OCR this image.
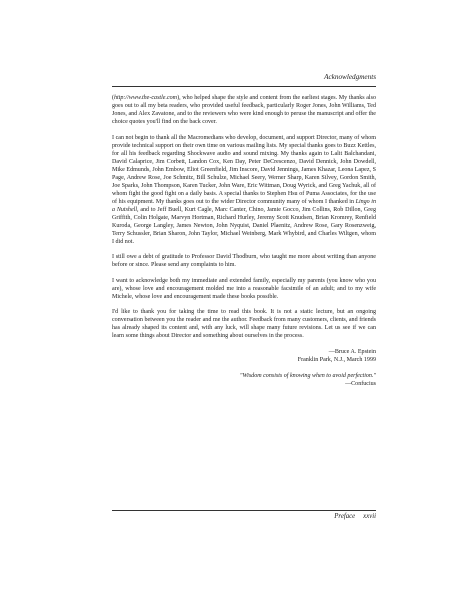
Acknowledgments

(http://www.the-castle.com), who helped shape the style and content from the earliest stages. My thanks also goes out to all my beta readers, who provided useful feedback, particularly Roger Jones, John Williams, Ted Jones, and Alex Zavatone, and to the reviewers who were kind enough to peruse the manuscript and offer the choice quotes you'll find on the back cover.

I can not begin to thank all the Macromedians who develop, document, and support Director, many of whom provide technical support on their own time on various mailing lists. My special thanks goes to Buzz Kettles, for all his feedback regarding Shockwave audio and sound mixing. My thanks again to Lalit Balchandani, David Calaprice, Jim Corbett, Landon Cox, Ken Day, Peter DeCrescenzo, David Dennick, John Dowdell, Mike Edmunds, John Embow, Eliot Greenfield, Jim Inscore, David Jennings, James Khazar, Leona Lapez, S Page, Andrew Rose, Joe Schmitz, Bill Schulze, Michael Seery, Werner Sharp, Karen Silvey, Gordon Smith, Joe Sparks, John Thompson, Karen Tucker, John Ware, Eric Wittman, Doug Wyrick, and Greg Yachuk, all of whom fight the good fight on a daily basis. A special thanks to Stephen Hsu of Puma Associates, for the use of his equipment. My thanks goes out to the wider Director community many of whom I thanked in Lingo in a Nutshell, and to Jeff Buell, Kurt Cagle, Marc Canter, Chino, Jamie Gocco, Jim Collins, Rob Dillon, Greg Griffith, Colin Holgate, Marvyn Hortman, Richard Hurley, Jeremy Scott Knudsen, Brian Kromrey, Renfield Kuroda, George Langley, James Newton, John Nyquist, Daniel Plaenitz, Andrew Rose, Gary Rosenzweig, Terry Schussler, Brian Sharon, John Taylor, Michael Weinberg, Mark Whybird, and Charles Wiltgen, whom I did not.

I still owe a debt of gratitude to Professor David Thodburn, who taught me more about writing than anyone before or since. Please send any complaints to him.

I want to acknowledge both my immediate and extended family, especially my parents (you know who you are), whose love and encouragement molded me into a reasonable facsimile of an adult; and to my wife Michele, whose love and encouragement made these books possible.

I'd like to thank you for taking the time to read this book. It is not a static lecture, but an ongoing conversation between you the reader and me the author. Feedback from many customers, clients, and friends has already shaped its content and, with any luck, will shape many future revisions. Let us see if we can learn some things about Director and something about ourselves in the process.

—Bruce A. Epstein

Franklin Park, N.J., March 1999

"Wisdom consists of knowing when to avoid perfection."

—Confucius

Preface xxvii
